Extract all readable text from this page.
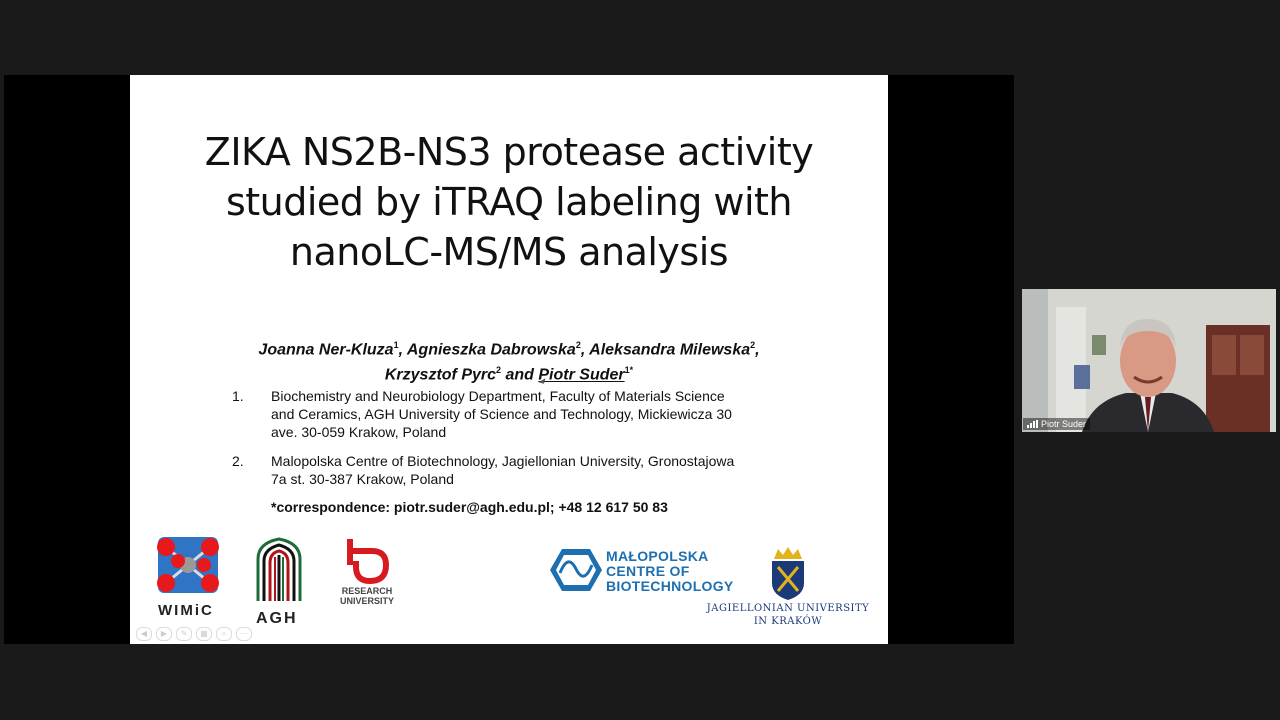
ZIKA NS2B-NS3 protease activity
studied by iTRAQ labeling with
nanoLC-MS/MS analysis
Joanna Ner-Kluza$^1$, Agnieszka Dabrowska$^2$, Aleksandra Milewska$^2$,
Krzysztof Pyrc$^2$ and Piotr Suder$^{1*}$
1. Biochemistry and Neurobiology Department, Faculty of Materials Science
and Ceramics, AGH University of Science and Technology, Mickiewicza 30
ave. 30-059 Krakow, Poland
2. Malopolska Centre of Biotechnology, Jagiellonian University, Gronostajowa
7a st. 30-387 Krakow, Poland
*correspondence: piotr.suder@agh.edu.pl; +48 12 617 50 83
WIMiC	AGH
RESEARCH
UNIVERSITY
MAŁOPOLSKA
CENTRE OF
BIOTECHNOLOGY
JAGIELLONIAN UNIVERSITY
IN KRAKÓW
◀	▶	✎	▦	⌕	⋯
Piotr Suder
